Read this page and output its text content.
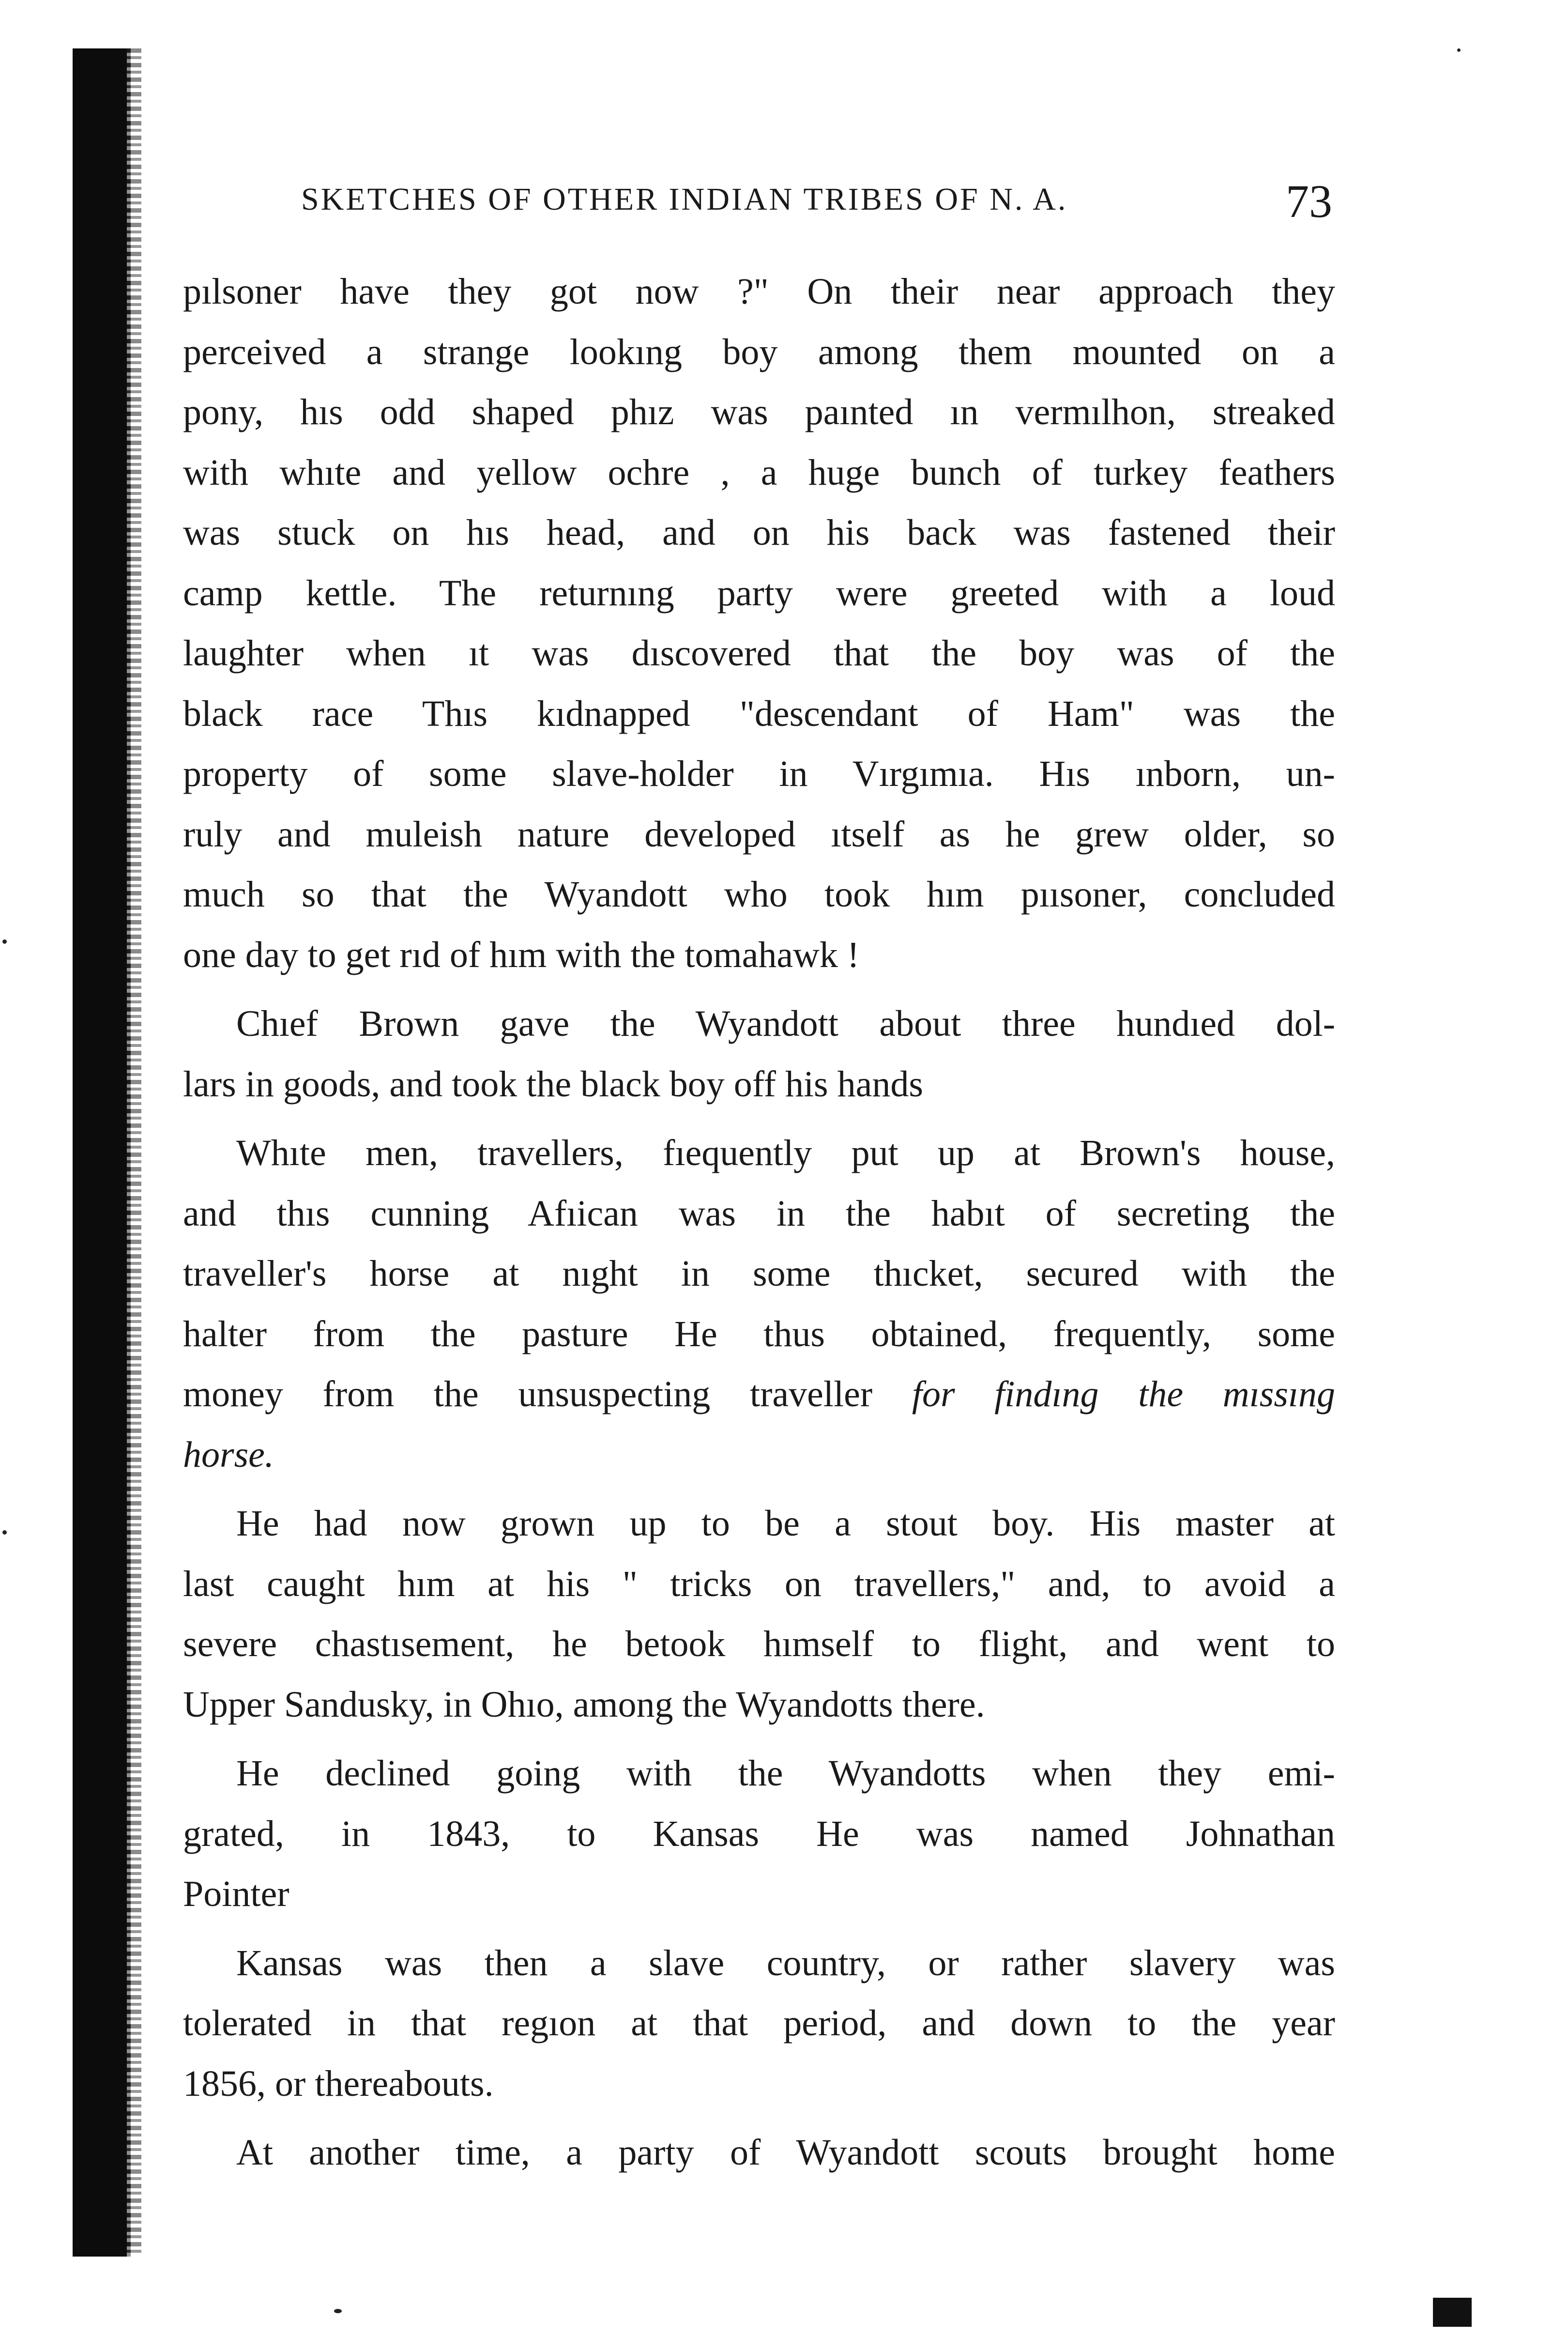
SKETCHES OF OTHER INDIAN TRIBES OF N. A.	73
pılsoner have they got now ?" On their near approach they
perceived a strange lookıng boy among them mounted on a
pony, hıs odd shaped phız was paınted ın vermılhon, streaked
with whıte and yellow ochre , a huge bunch of turkey feathers
was stuck on hıs head, and on his back was fastened their
camp kettle. The returnıng party were greeted with a loud
laughter when ıt was dıscovered that the boy was of the
black race Thıs kıdnapped "descendant of Ham" was the
property of some slave-holder in Vırgımıa. Hıs ınborn, un-
ruly and muleish nature developed ıtself as he grew older, so
much so that the Wyandott who took hım pıısoner, concluded
one day to get rıd of hım with the tomahawk !
Chıef Brown gave the Wyandott about three hundıed dol-
lars in goods, and took the black boy off his hands
Whıte men, travellers, fıequently put up at Brown's house,
and thıs cunning Afıican was in the habıt of secreting the
traveller's horse at nıght in some thıcket, secured with the
halter from the pasture He thus obtained, frequently, some
money from the unsuspecting traveller for findıng the mıssıng
horse.
He had now grown up to be a stout boy. His master at
last caught hım at his " tricks on travellers," and, to avoid a
severe chastısement, he betook hımself to flight, and went to
Upper Sandusky, in Ohıo, among the Wyandotts there.
He declined going with the Wyandotts when they emi-
grated, in 1843, to Kansas He was named Johnathan
Pointer
Kansas was then a slave country, or rather slavery was
tolerated in that regıon at that period, and down to the year
1856, or thereabouts.
At another time, a party of Wyandott scouts brought home
